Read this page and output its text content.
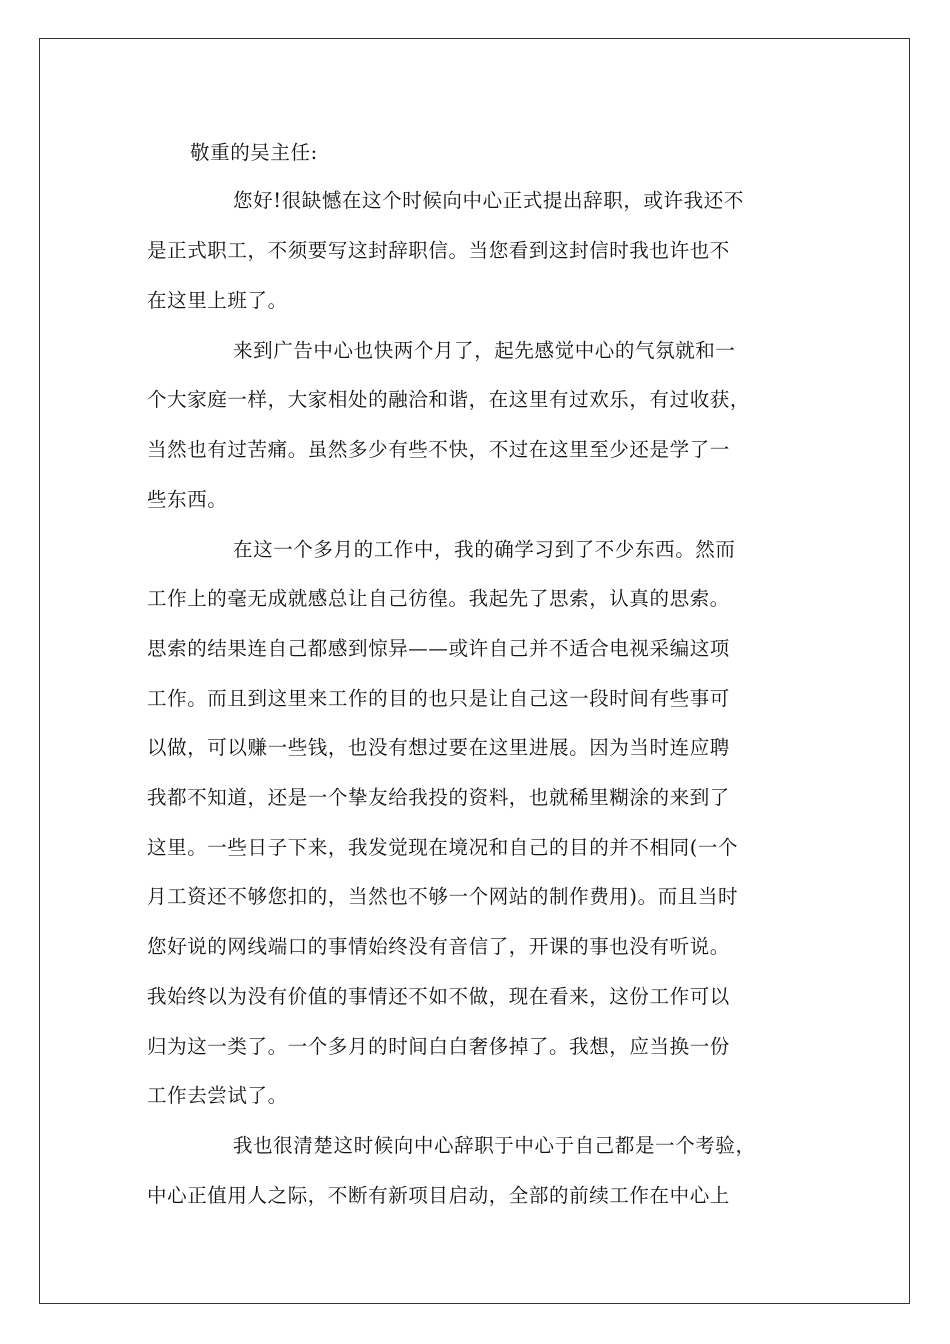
敬重的吴主任:
您好!很缺憾在这个时候向中心正式提出辞职，或许我还不
是正式职工，不须要写这封辞职信。当您看到这封信时我也许也不
在这里上班了。
来到广告中心也快两个月了，起先感觉中心的气氛就和一
个大家庭一样，大家相处的融洽和谐，在这里有过欢乐，有过收获，
当然也有过苦痛。虽然多少有些不快，不过在这里至少还是学了一
些东西。
在这一个多月的工作中，我的确学习到了不少东西。然而
工作上的毫无成就感总让自己彷徨。我起先了思索，认真的思索。
思索的结果连自己都感到惊异——或许自己并不适合电视采编这项
工作。而且到这里来工作的目的也只是让自己这一段时间有些事可
以做，可以赚一些钱，也没有想过要在这里进展。因为当时连应聘
我都不知道，还是一个挚友给我投的资料，也就稀里糊涂的来到了
这里。一些日子下来，我发觉现在境况和自己的目的并不相同(一个
月工资还不够您扣的，当然也不够一个网站的制作费用)。而且当时
您好说的网线端口的事情始终没有音信了，开课的事也没有听说。
我始终以为没有价值的事情还不如不做，现在看来，这份工作可以
归为这一类了。一个多月的时间白白奢侈掉了。我想，应当换一份
工作去尝试了。
我也很清楚这时候向中心辞职于中心于自己都是一个考验，
中心正值用人之际，不断有新项目启动，全部的前续工作在中心上
